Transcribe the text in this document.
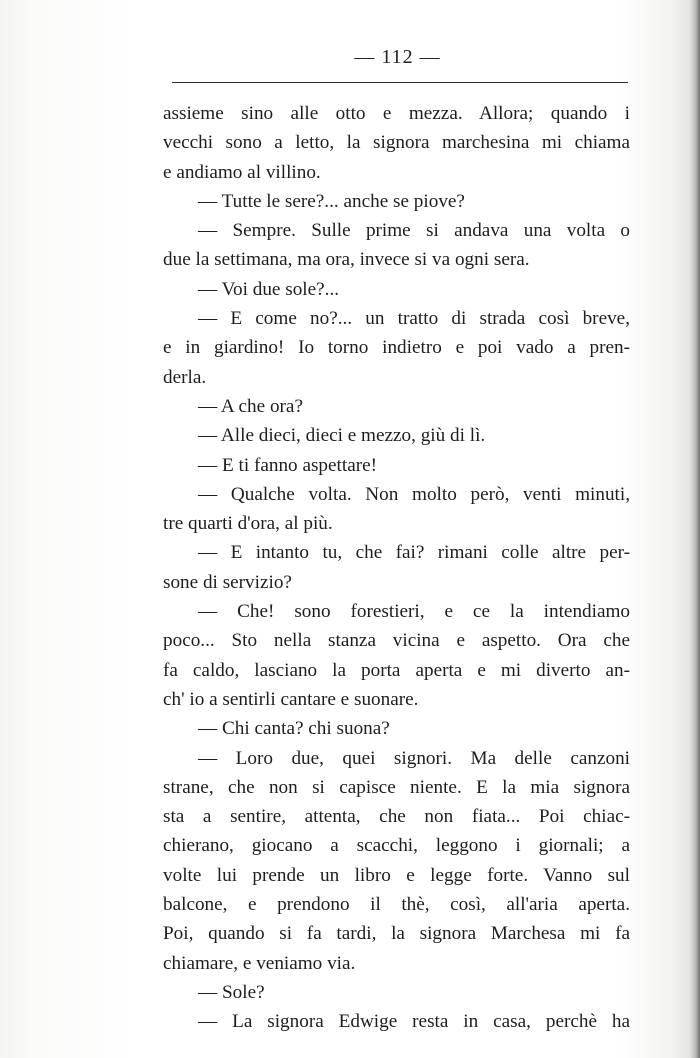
— 112 —
assieme sino alle otto e mezza. Allora; quando i
vecchi sono a letto, la signora marchesina mi chiama
e andiamo al villino.
— Tutte le sere?... anche se piove?
— Sempre. Sulle prime si andava una volta o
due la settimana, ma ora, invece si va ogni sera.
— Voi due sole?...
— E come no?... un tratto di strada così breve,
e in giardino! Io torno indietro e poi vado a pren-
derla.
— A che ora?
— Alle dieci, dieci e mezzo, giù di lì.
— E ti fanno aspettare!
— Qualche volta. Non molto però, venti minuti,
tre quarti d'ora, al più.
— E intanto tu, che fai? rimani colle altre per-
sone di servizio?
— Che! sono forestieri, e ce la intendiamo
poco... Sto nella stanza vicina e aspetto. Ora che
fa caldo, lasciano la porta aperta e mi diverto an-
ch' io a sentirli cantare e suonare.
— Chi canta? chi suona?
— Loro due, quei signori. Ma delle canzoni
strane, che non si capisce niente. E la mia signora
sta a sentire, attenta, che non fiata... Poi chiac-
chierano, giocano a scacchi, leggono i giornali; a
volte lui prende un libro e legge forte. Vanno sul
balcone, e prendono il thè, così, all'aria aperta.
Poi, quando si fa tardi, la signora Marchesa mi fa
chiamare, e veniamo via.
— Sole?
— La signora Edwige resta in casa, perchè ha
